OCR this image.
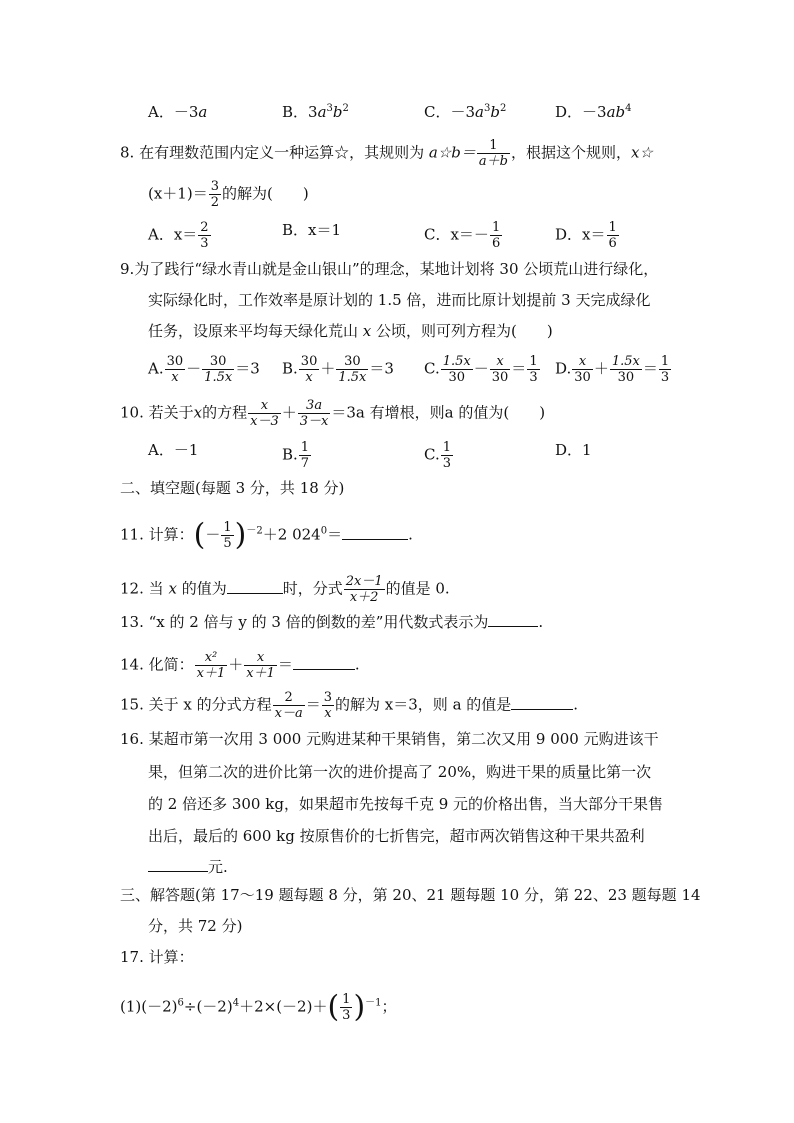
A．－3a	B．$3a^3b^2$	C．$-3a^3b^2$	D．$-3ab^4$
8. 在有理数范围内定义一种运算☆，其规则为 a☆b＝ $\frac{1}{a+b}$ ，根据这个规则，x☆
$(x+1)= \frac{3}{2}$ 的解为(　　)
A．$x= \frac{2}{3}$	B．x＝1	C．$x=- \frac{1}{6}$	D．$x= \frac{1}{6}$
9.为了践行“绿水青山就是金山银山”的理念，某地计划将 30 公顷荒山进行绿化，
实际绿化时，工作效率是原计划的 1.5 倍，进而比原计划提前 3 天完成绿化
任务，设原来平均每天绿化荒山 x 公顷，则可列方程为(　　)
A. $\frac{30}{x} - \frac{30}{1.5x} =3$ B. $\frac{30}{x} + \frac{30}{1.5x} =3$ C. $\frac{1.5x}{30} - \frac{x}{30} = \frac{1}{3} D$. $\frac{x}{30} + \frac{1.5x}{30} = \frac{1}{3}$
10. 若关于x的方程 $\frac{x}{x-3} + \frac{3a}{3-x} =3a$ 有增根，则a 的值为(　　)
A．－1	B. $\frac{1}{7}$	C. $\frac{1}{3}$	D．1
二、填空题(每题 3 分，共 18 分)
11. 计算：(－ $\frac{1}{5} )^{-2}+2$ $024^0=$	.
12. 当 x 的值为	时，分式 $\frac{2x-1}{x+2}$ 的值是 0.
13. “x 的 2 倍与 y 的 3 倍的倒数的差”用代数式表示为	.
14. 化简： $\frac{\text{x²}}{x+1} + \frac{x}{x+1}$ ＝	.
15. 关于 x 的分式方程 $\frac{2}{x-a} = \frac{3}{x}$ 的解为 x＝3，则 a 的值是	.
16. 某超市第一次用 3 000 元购进某种干果销售，第二次又用 9 000 元购进该干
果，但第二次的进价比第一次的进价提高了 20%，购进干果的质量比第一次
的 2 倍还多 300 kg，如果超市先按每千克 9 元的价格出售，当大部分干果售
出后，最后的 600 kg 按原售价的七折售完，超市两次销售这种干果共盈利
元.
三、解答题(第 17～19 题每题 8 分，第 20、21 题每题 10 分，第 22、23 题每题 14
分，共 72 分)
17. 计算：
$(1)(-2)^6\div(-2)^4+2\times(-2)+( \frac{1}{3} )^{-1}$；
